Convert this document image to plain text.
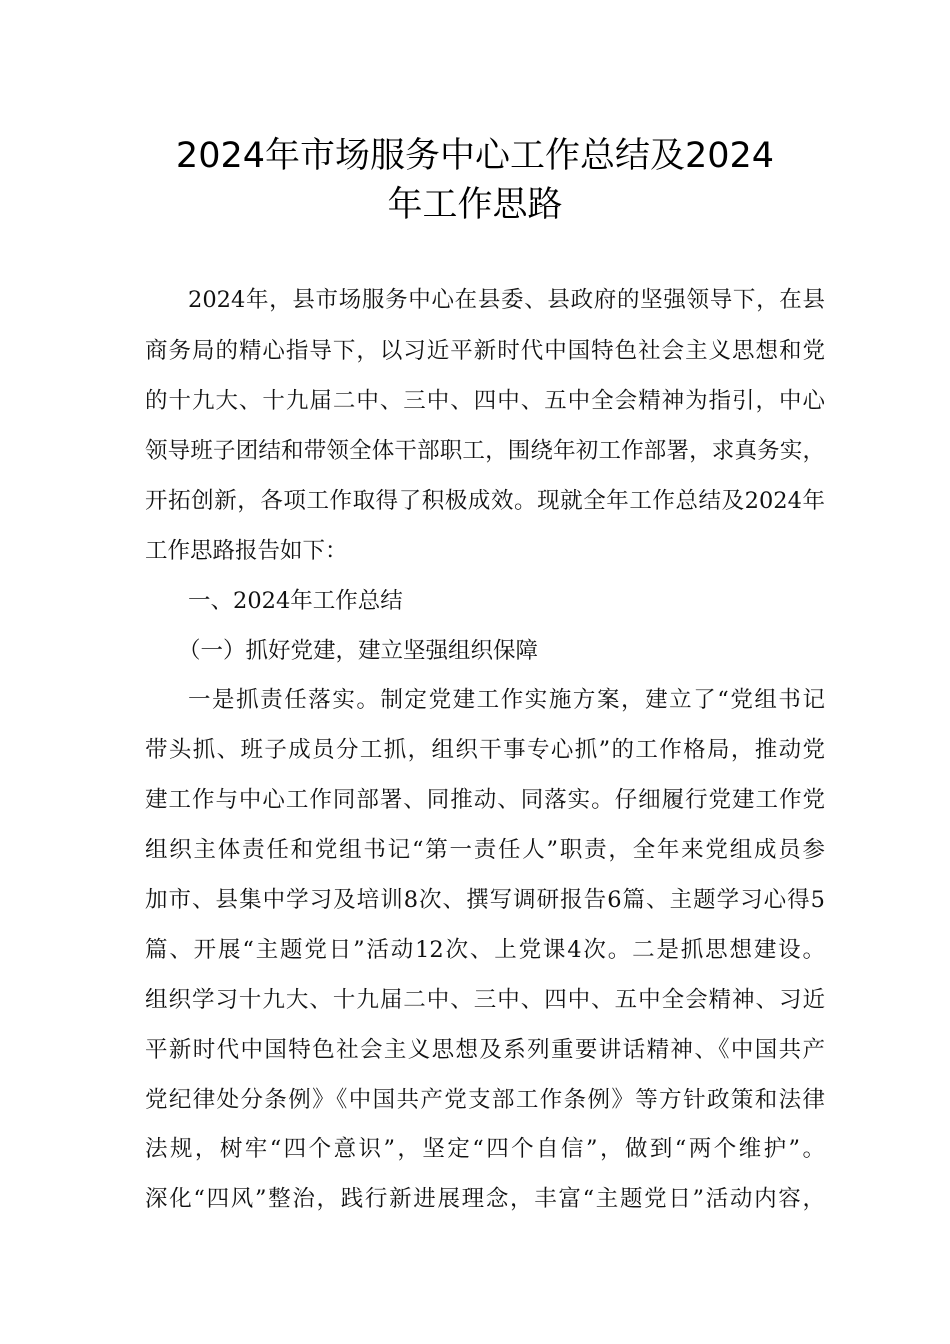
2024年市场服务中心工作总结及2024
年工作思路
2024年，县市场服务中心在县委、县政府的坚强领导下，在县
商务局的精心指导下，以习近平新时代中国特色社会主义思想和党
的十九大、十九届二中、三中、四中、五中全会精神为指引，中心
领导班子团结和带领全体干部职工，围绕年初工作部署，求真务实，
开拓创新，各项工作取得了积极成效。现就全年工作总结及2024年
工作思路报告如下：
一、2024年工作总结
（一）抓好党建，建立坚强组织保障
一是抓责任落实。制定党建工作实施方案，建立了“党组书记
带头抓、班子成员分工抓，组织干事专心抓”的工作格局，推动党
建工作与中心工作同部署、同推动、同落实。仔细履行党建工作党
组织主体责任和党组书记“第一责任人”职责，全年来党组成员参
加市、县集中学习及培训8次、撰写调研报告6篇、主题学习心得5
篇、开展“主题党日”活动12次、上党课4次。二是抓思想建设。
组织学习十九大、十九届二中、三中、四中、五中全会精神、习近
平新时代中国特色社会主义思想及系列重要讲话精神、《中国共产
党纪律处分条例》《中国共产党支部工作条例》等方针政策和法律
法规，树牢“四个意识”，坚定“四个自信”，做到“两个维护”。
深化“四风”整治，践行新进展理念，丰富“主题党日”活动内容，
